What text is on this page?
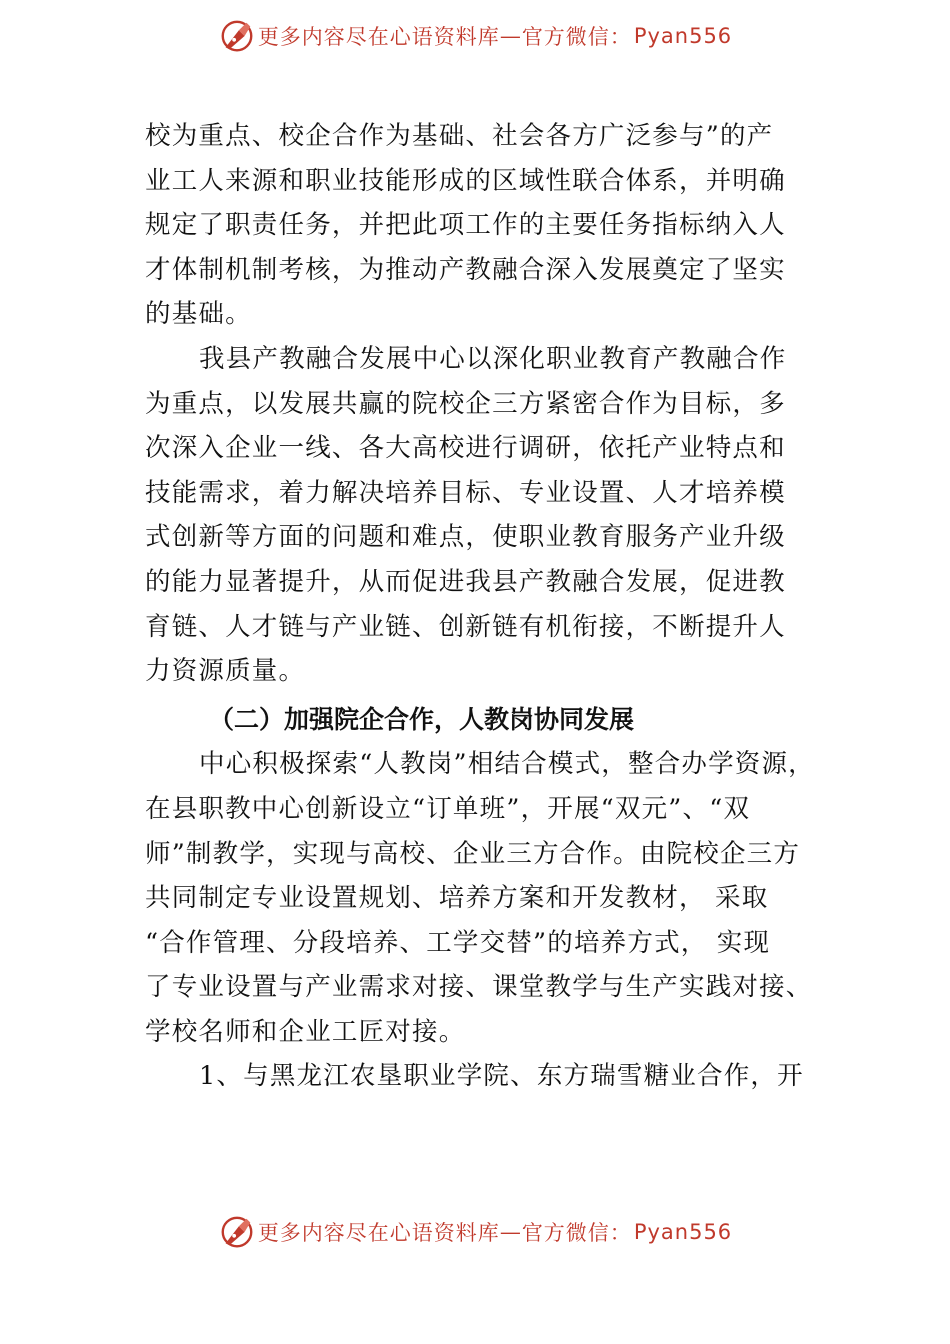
更多内容尽在心语资料库 — 官方微信： Pyan556
校为重点、校企合作为基础、社会各方广泛参与”的产
业工人来源和职业技能形成的区域性联合体系，并明确
规定了职责任务，并把此项工作的主要任务指标纳入人
才体制机制考核，为推动产教融合深入发展奠定了坚实
的基础。
我县产教融合发展中心以深化职业教育产教融合作
为重点，以发展共赢的院校企三方紧密合作为目标，多
次深入企业一线、各大高校进行调研，依托产业特点和
技能需求，着力解决培养目标、专业设置、人才培养模
式创新等方面的问题和难点，使职业教育服务产业升级
的能力显著提升，从而促进我县产教融合发展，促进教
育链、人才链与产业链、创新链有机衔接，不断提升人
力资源质量。
（二）加强院企合作，人教岗协同发展
中心积极探索“人教岗”相结合模式，整合办学资源，
在县职教中心创新设立“订单班”，开展“双元”、“双
师”制教学，实现与高校、企业三方合作。由院校企三方
共同制定专业设置规划、培养方案和开发教材， 采取
“合作管理、分段培养、工学交替”的培养方式， 实现
了专业设置与产业需求对接、课堂教学与生产实践对接、
学校名师和企业工匠对接。
1、与黑龙江农垦职业学院、东方瑞雪糖业合作，开
更多内容尽在心语资料库 — 官方微信： Pyan556
